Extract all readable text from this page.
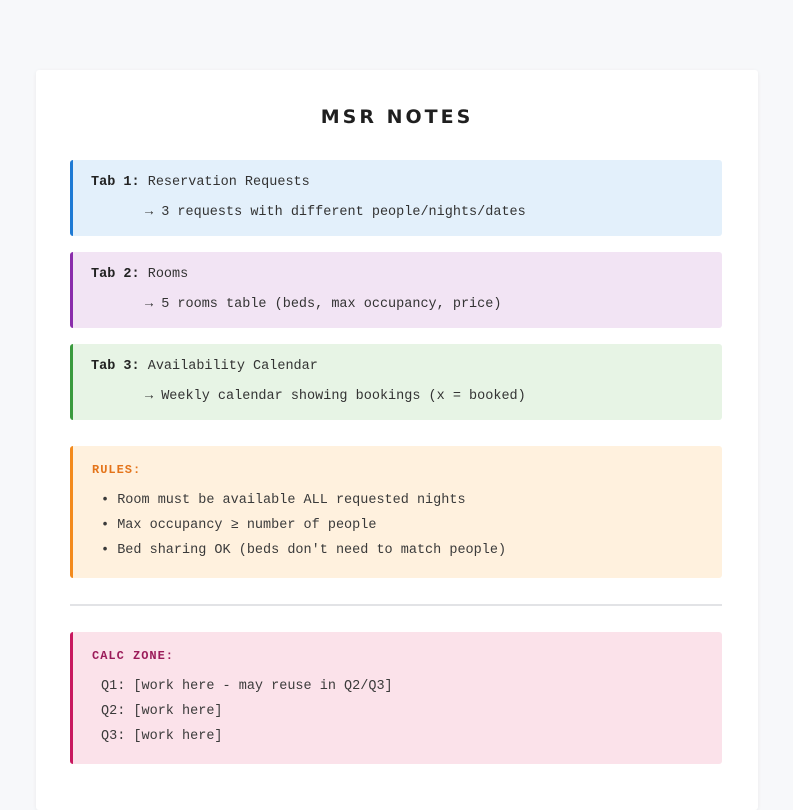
MSR NOTES
Tab 1: Reservation Requests
→ 3 requests with different people/nights/dates
Tab 2: Rooms
→ 5 rooms table (beds, max occupancy, price)
Tab 3: Availability Calendar
→ Weekly calendar showing bookings (x = booked)
RULES:
• Room must be available ALL requested nights
• Max occupancy ≥ number of people
• Bed sharing OK (beds don't need to match people)
CALC ZONE:
Q1: [work here - may reuse in Q2/Q3]
Q2: [work here]
Q3: [work here]
